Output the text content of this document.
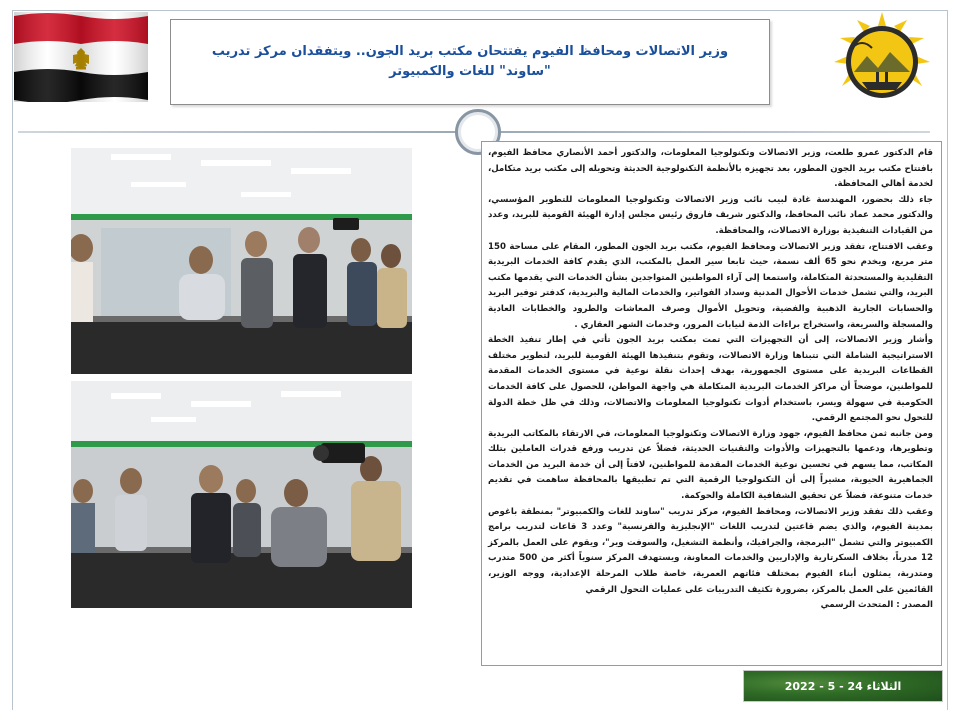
وزير الاتصالات ومحافظ الفيوم يفتتحان مكتب بريد الجون.. ويتفقدان مركز تدريب "ساوند" للغات والكمبيوتر

قام الدكتور عمرو طلعت، وزير الاتصالات وتكنولوجيا المعلومات، والدكتور أحمد الأنصاري محافظ الفيوم، بافتتاح مكتب بريد الجون المطور، بعد تجهيزه بالأنظمة التكنولوجية الحديثة وتحويله إلى مكتب بريد متكامل، لخدمة أهالي المحافظة.

جاء ذلك بحضور، المهندسة غادة لبيب نائب وزير الاتصالات وتكنولوجيا المعلومات للتطوير المؤسسي، والدكتور محمد عماد نائب المحافظ، والدكتور شريف فاروق رئيس مجلس إدارة الهيئة القومية للبريد، وعدد من القيادات التنفيذية بوزارة الاتصالات، والمحافظة.

وعقب الافتتاح، تفقد وزير الاتصالات ومحافظ الفيوم، مكتب بريد الجون المطور، المقام على مساحة 150 متر مربع، ويخدم نحو 65 ألف نسمة، حيث تابعا سير العمل بالمكتب، الذي يقدم كافة الخدمات البريدية التقليدية والمستحدثة المتكاملة، واستمعا إلى آراء المواطنين المتواجدين بشأن الخدمات التي يقدمها مكتب البريد، والتي تشمل خدمات الأحوال المدنية وسداد الفواتير، والخدمات المالية والبريدية، كدفتر توفير البريد والحسابات الجارية الذهبية والفضية، وتحويل الأموال وصرف المعاشات والطرود والخطابات العادية والمسجلة والسريعة، واستخراج براءات الذمة لنيابات المرور، وخدمات الشهر العقاري .

وأشار وزير الاتصالات، إلى أن التجهيزات التي تمت بمكتب بريد الجون تأتي في إطار تنفيذ الخطة الاستراتيجية الشاملة التي تتبناها وزارة الاتصالات، وتقوم بتنفيذها الهيئة القومية للبريد، لتطوير مختلف القطاعات البريدية على مستوى الجمهورية، بهدف إحداث نقلة نوعية في مستوى الخدمات المقدمة للمواطنين، موضحاً أن مراكز الخدمات البريدية المتكاملة هي واجهة المواطن، للحصول على كافة الخدمات الحكومية في سهولة ويسر، باستخدام أدوات تكنولوجيا المعلومات والاتصالات، وذلك في ظل خطة الدولة للتحول نحو المجتمع الرقمي.

ومن جانبه ثمن محافظ الفيوم، جهود وزارة الاتصالات وتكنولوجيا المعلومات، في الارتقاء بالمكاتب البريدية وتطويرها، ودعمها بالتجهيزات والأدوات والتقنيات الحديثة، فضلاً عن تدريب ورفع قدرات العاملين بتلك المكاتب، مما يسهم في تحسين نوعية الخدمات المقدمة للمواطنين، لافتاً إلى أن خدمة البريد من الخدمات الجماهيرية الحيوية، مشيراً إلى أن التكنولوجيا الرقمية التي تم تطبيقها بالمحافظة ساهمت في تقديم خدمات متنوعة، فضلاً عن تحقيق الشفافية الكاملة والحوكمة.

وعقب ذلك تفقد وزير الاتصالات، ومحافظ الفيوم، مركز تدريب "ساوند للغات والكمبيوتر" بمنطقة باغوص بمدينة الفيوم، والذي يضم قاعتين لتدريب اللغات "الإنجليزية والفرنسية" وعدد 3 قاعات لتدريب برامج الكمبيوتر والتي تشمل "البرمجة، والجرافيك، وأنظمة التشغيل، والسوفت وير"، ويقوم على العمل بالمركز 12 مدرباً، بخلاف السكرتارية والإداريين والخدمات المعاونة، ويستهدف المركز سنوياً أكثر من 500 متدرب ومتدربة، يمثلون أبناء الفيوم بمختلف فئاتهم العمرية، خاصة طلاب المرحلة الإعدادية، ووجه الوزير، القائمين على العمل بالمركز، بضرورة تكثيف التدريبات على عمليات التحول الرقمي

المصدر : المتحدث الرسمي

الثلاثاء 24 - 5 - 2022
